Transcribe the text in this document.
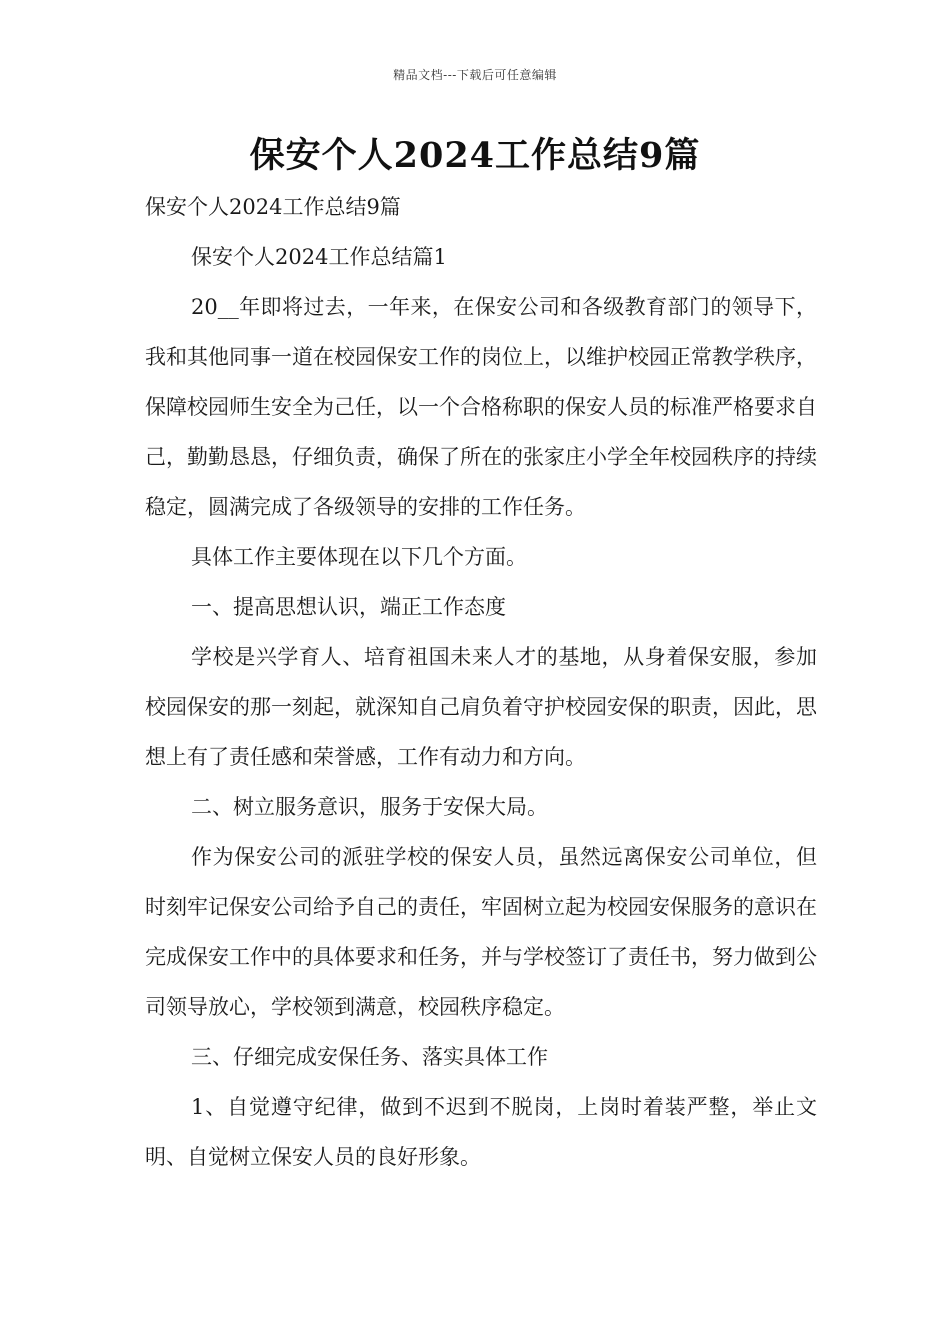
精品文档---下载后可任意编辑
保安个人2024工作总结9篇

保安个人2024工作总结9篇

保安个人2024工作总结篇1

20__年即将过去，一年来，在保安公司和各级教育部门的领导下，我和其他同事一道在校园保安工作的岗位上，以维护校园正常教学秩序，保障校园师生安全为己任，以一个合格称职的保安人员的标准严格要求自己，勤勤恳恳，仔细负责，确保了所在的张家庄小学全年校园秩序的持续稳定，圆满完成了各级领导的安排的工作任务。

具体工作主要体现在以下几个方面。

一、提高思想认识，端正工作态度

学校是兴学育人、培育祖国未来人才的基地，从身着保安服，参加校园保安的那一刻起，就深知自己肩负着守护校园安保的职责，因此，思想上有了责任感和荣誉感，工作有动力和方向。

二、树立服务意识，服务于安保大局。

作为保安公司的派驻学校的保安人员，虽然远离保安公司单位，但时刻牢记保安公司给予自己的责任，牢固树立起为校园安保服务的意识在完成保安工作中的具体要求和任务，并与学校签订了责任书，努力做到公司领导放心，学校领到满意，校园秩序稳定。

三、仔细完成安保任务、落实具体工作

1、自觉遵守纪律，做到不迟到不脱岗，上岗时着装严整，举止文明、自觉树立保安人员的良好形象。
